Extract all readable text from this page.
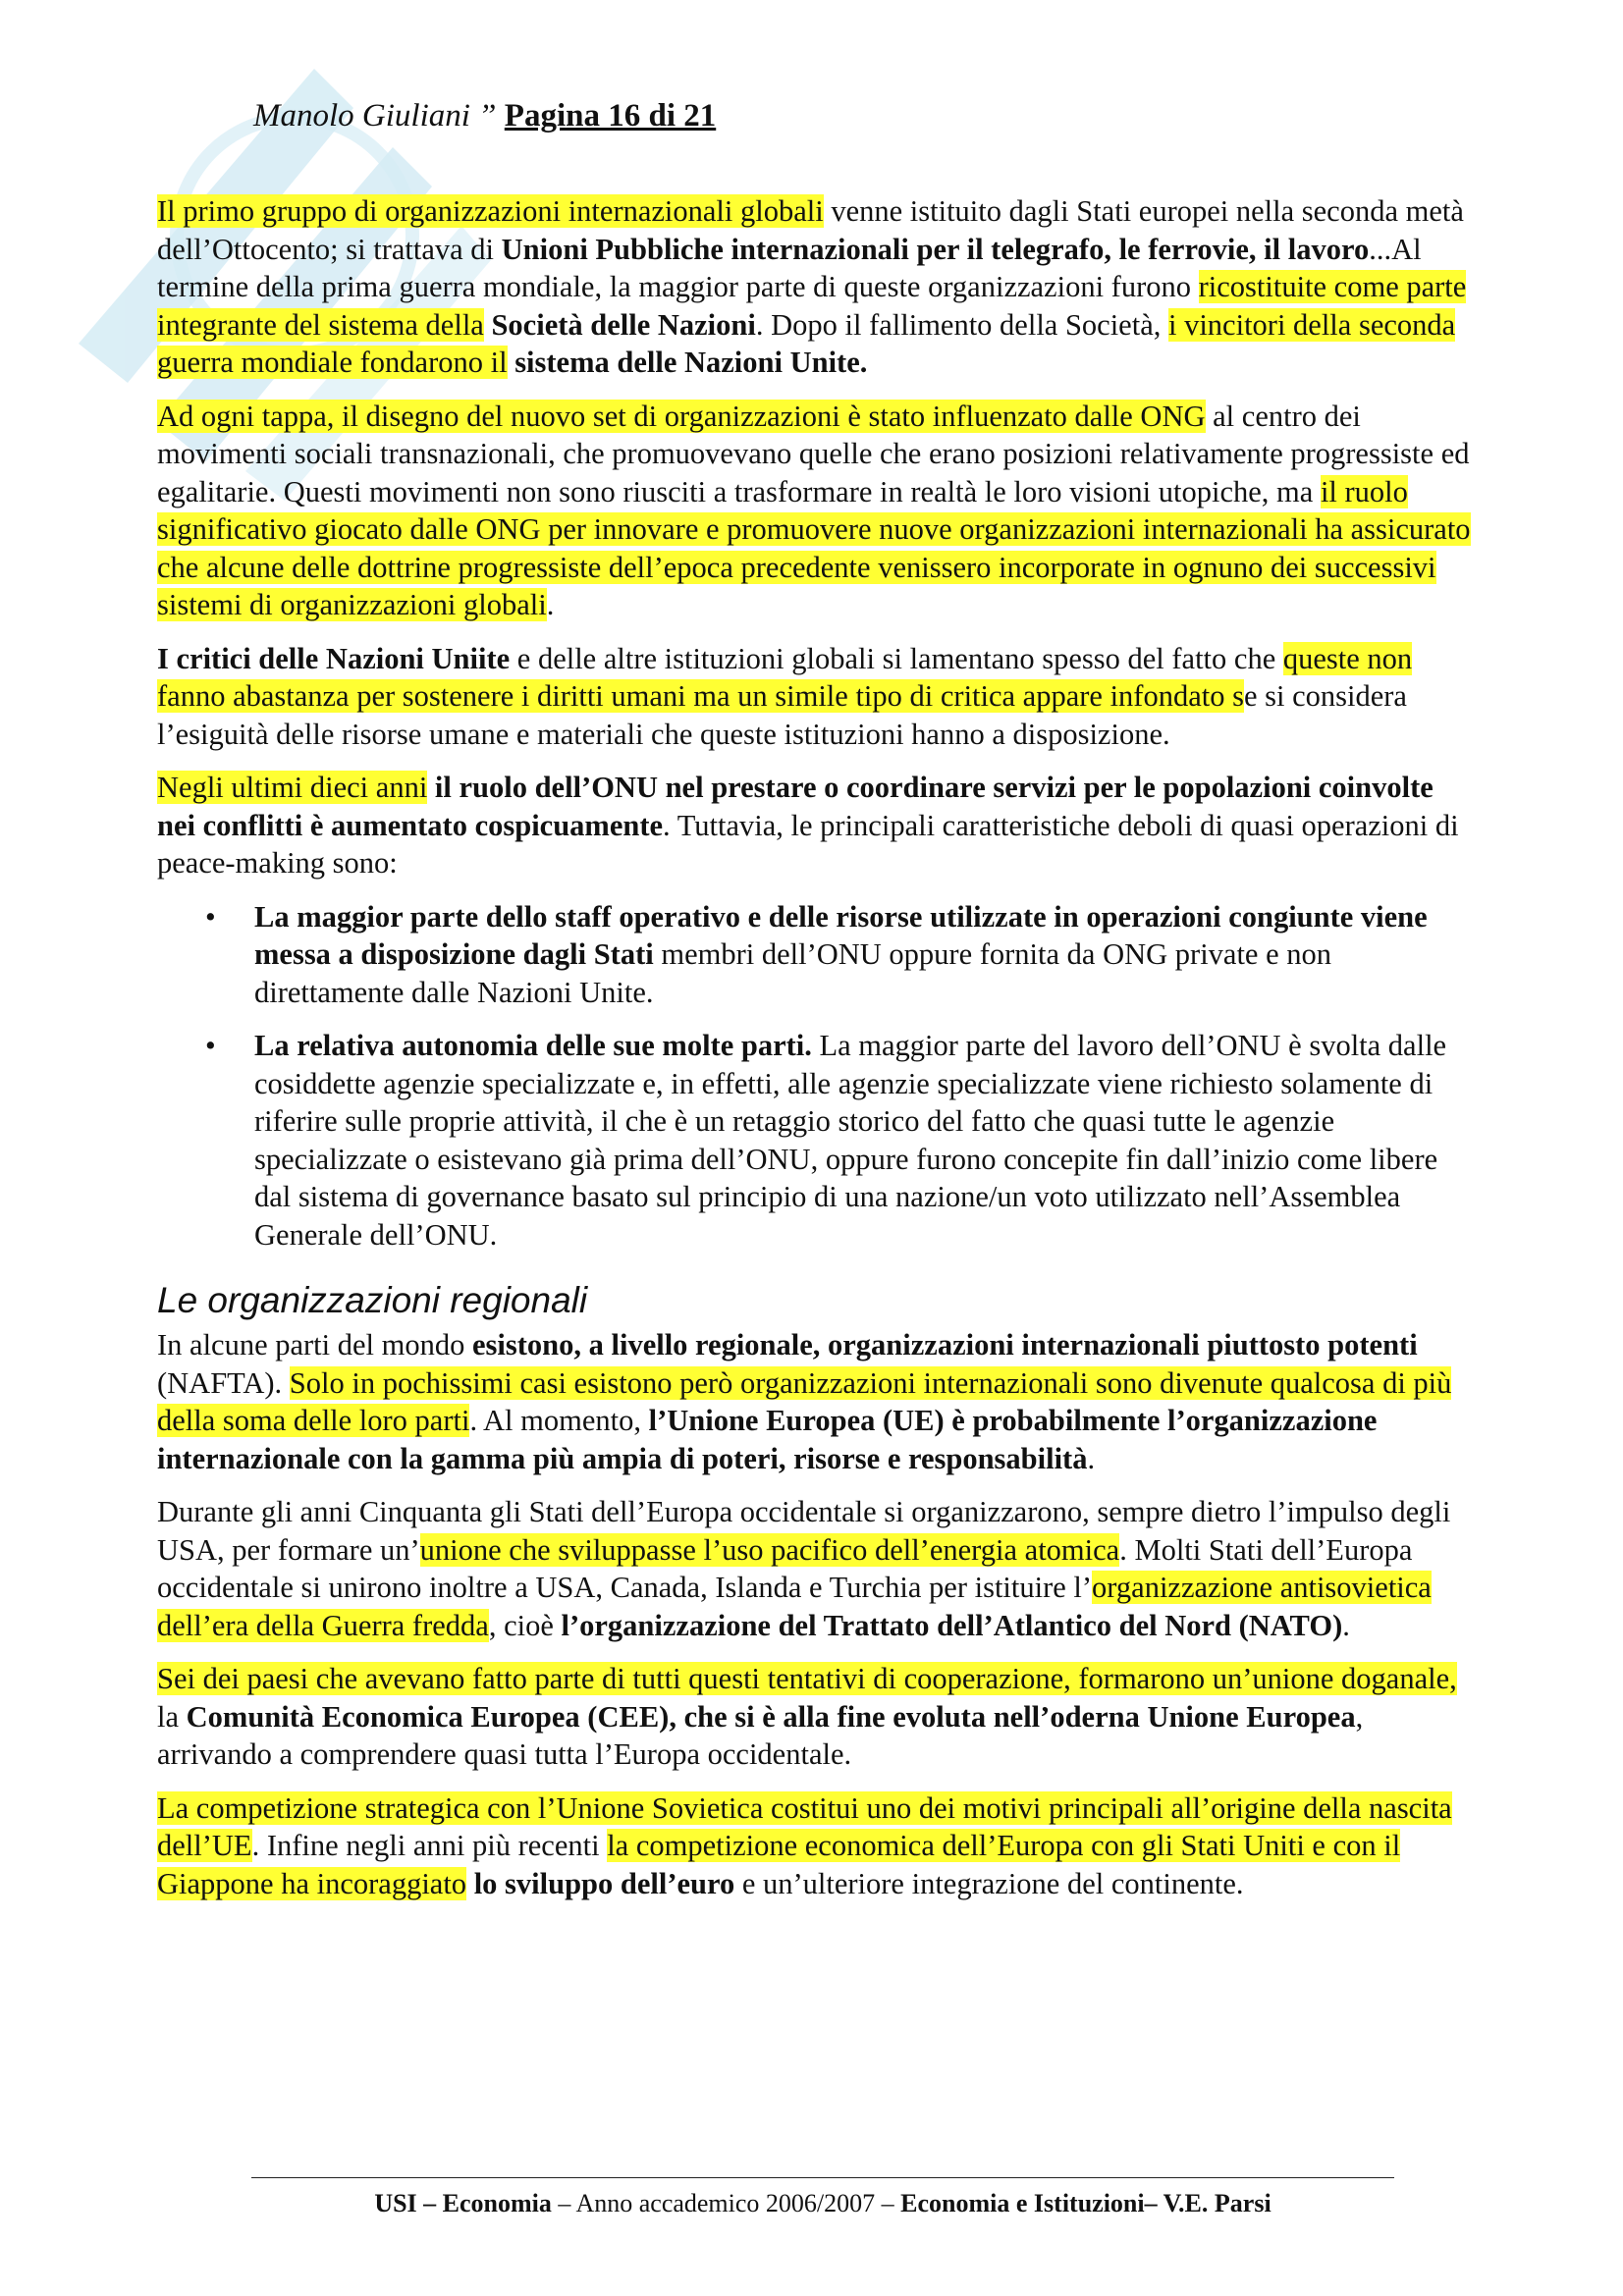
Manolo Giuliani ” Pagina 16 di 21

Il primo gruppo di organizzazioni internazionali globali venne istituito dagli Stati europei nella seconda metà dell’Ottocento; si trattava di Unioni Pubbliche internazionali per il telegrafo, le ferrovie, il lavoro...Al termine della prima guerra mondiale, la maggior parte di queste organizzazioni furono ricostituite come parte integrante del sistema della Società delle Nazioni. Dopo il fallimento della Società, i vincitori della seconda guerra mondiale fondarono il sistema delle Nazioni Unite.

Ad ogni tappa, il disegno del nuovo set di organizzazioni è stato influenzato dalle ONG al centro dei movimenti sociali transnazionali, che promuovevano quelle che erano posizioni relativamente progressiste ed egalitarie. Questi movimenti non sono riusciti a trasformare in realtà le loro visioni utopiche, ma il ruolo significativo giocato dalle ONG per innovare e promuovere nuove organizzazioni internazionali ha assicurato che alcune delle dottrine progressiste dell’epoca precedente venissero incorporate in ognuno dei successivi sistemi di organizzazioni globali.

I critici delle Nazioni Uniite e delle altre istituzioni globali si lamentano spesso del fatto che queste non fanno abastanza per sostenere i diritti umani ma un simile tipo di critica appare infondato se si considera l’esiguità delle risorse umane e materiali che queste istituzioni hanno a disposizione.

Negli ultimi dieci anni il ruolo dell’ONU nel prestare o coordinare servizi per le popolazioni coinvolte nei conflitti è aumentato cospicuamente. Tuttavia, le principali caratteristiche deboli di quasi operazioni di peace-making sono:

• La maggior parte dello staff operativo e delle risorse utilizzate in operazioni congiunte viene messa a disposizione dagli Stati membri dell’ONU oppure fornita da ONG private e non direttamente dalle Nazioni Unite.
• La relativa autonomia delle sue molte parti. La maggior parte del lavoro dell’ONU è svolta dalle cosiddette agenzie specializzate e, in effetti, alle agenzie specializzate viene richiesto solamente di riferire sulle proprie attività, il che è un retaggio storico del fatto che quasi tutte le agenzie specializzate o esistevano già prima dell’ONU, oppure furono concepite fin dall’inizio come libere dal sistema di governance basato sul principio di una nazione/un voto utilizzato nell’Assemblea Generale dell’ONU.
Le organizzazioni regionali

In alcune parti del mondo esistono, a livello regionale, organizzazioni internazionali piuttosto potenti (NAFTA). Solo in pochissimi casi esistono però organizzazioni internazionali sono divenute qualcosa di più della soma delle loro parti. Al momento, l’Unione Europea (UE) è probabilmente l’organizzazione internazionale con la gamma più ampia di poteri, risorse e responsabilità.

Durante gli anni Cinquanta gli Stati dell’Europa occidentale si organizzarono, sempre dietro l’impulso degli USA, per formare un’unione che sviluppasse l’uso pacifico dell’energia atomica. Molti Stati dell’Europa occidentale si unirono inoltre a USA, Canada, Islanda e Turchia per istituire l’organizzazione antisovietica dell’era della Guerra fredda, cioè l’organizzazione del Trattato dell’Atlantico del Nord (NATO).

Sei dei paesi che avevano fatto parte di tutti questi tentativi di cooperazione, formarono un’unione doganale, la Comunità Economica Europea (CEE), che si è alla fine evoluta nell’oderna Unione Europea, arrivando a comprendere quasi tutta l’Europa occidentale.

La competizione strategica con l’Unione Sovietica costitui uno dei motivi principali all’origine della nascita dell’UE. Infine negli anni più recenti la competizione economica dell’Europa con gli Stati Uniti e con il Giappone ha incoraggiato lo sviluppo dell’euro e un’ulteriore integrazione del continente.

USI – Economia – Anno accademico 2006/2007 – Economia e Istituzioni– V.E. Parsi
